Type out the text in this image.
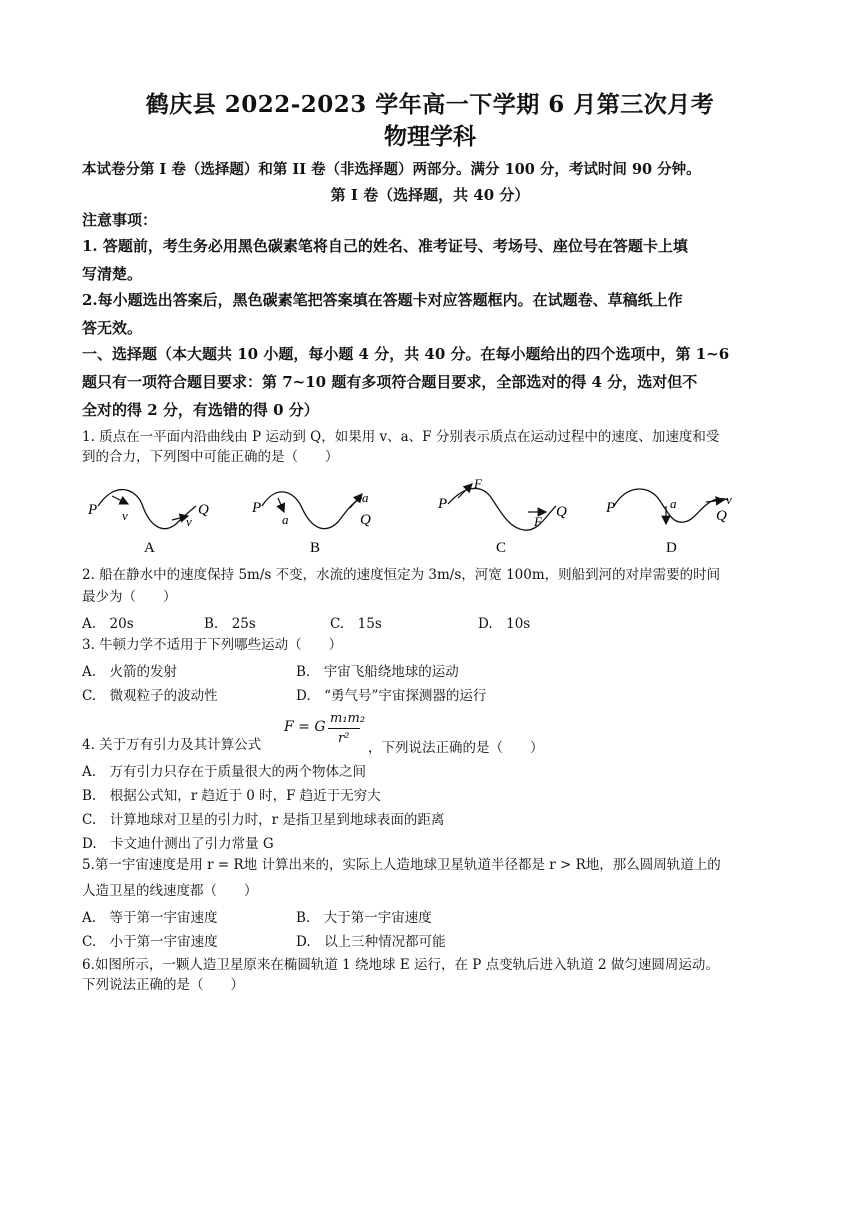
鹤庆县 2022-2023 学年高一下学期 6 月第三次月考
物理学科
本试卷分第 I 卷（选择题）和第 II 卷（非选择题）两部分。满分 100 分，考试时间 90 分钟。
第 I 卷（选择题，共 40 分）
注意事项：
1. 答题前，考生务必用黑色碳素笔将自己的姓名、准考证号、考场号、座位号在答题卡上填
写清楚。
2.每小题选出答案后，黑色碳素笔把答案填在答题卡对应答题框内。在试题卷、草稿纸上作
答无效。
一、选择题（本大题共 10 小题，每小题 4 分，共 40 分。在每小题给出的四个选项中，第 1~6
题只有一项符合题目要求：第 7~10 题有多项符合题目要求，全部选对的得 4 分，选对但不
全对的得 2 分，有选错的得 0 分）
1. 质点在一平面内沿曲线由 P 运动到 Q，如果用 v、a、F 分别表示质点在运动过程中的速度、加速度和受
到的合力，下列图中可能正确的是（　　）
P	Q
v	v
A
P
Q
a
a
B
P	Q
F
F
C
P	Q
a	v
D
2. 船在静水中的速度保持 5m/s 不变，水流的速度恒定为 3m/s，河宽 100m，则船到河的对岸需要的时间
最少为（　　）
A.　20s	B.　25s	C.　15s	D.　10s
3. 牛顿力学不适用于下列哪些运动（　　）
A.　火箭的发射	B.　宇宙飞船绕地球的运动
C.　微观粒子的波动性	D.　“勇气号”宇宙探测器的运行
4. 关于万有引力及其计算公式
F = G
m₁m₂
r²
，下列说法正确的是（　　）
A.　万有引力只存在于质量很大的两个物体之间
B.　根据公式知，r 趋近于 0 时，F 趋近于无穷大
C.　计算地球对卫星的引力时，r 是指卫星到地球表面的距离
D.　卡文迪什测出了引力常量 G
5.第一宇宙速度是用 r = R地 计算出来的，实际上人造地球卫星轨道半径都是 r > R地，那么圆周轨道上的
人造卫星的线速度都（　　）
A.　等于第一宇宙速度	B.　大于第一宇宙速度
C.　小于第一宇宙速度	D.　以上三种情况都可能
6.如图所示，一颗人造卫星原来在椭圆轨道 1 绕地球 E 运行，在 P 点变轨后进入轨道 2 做匀速圆周运动。
下列说法正确的是（　　）
